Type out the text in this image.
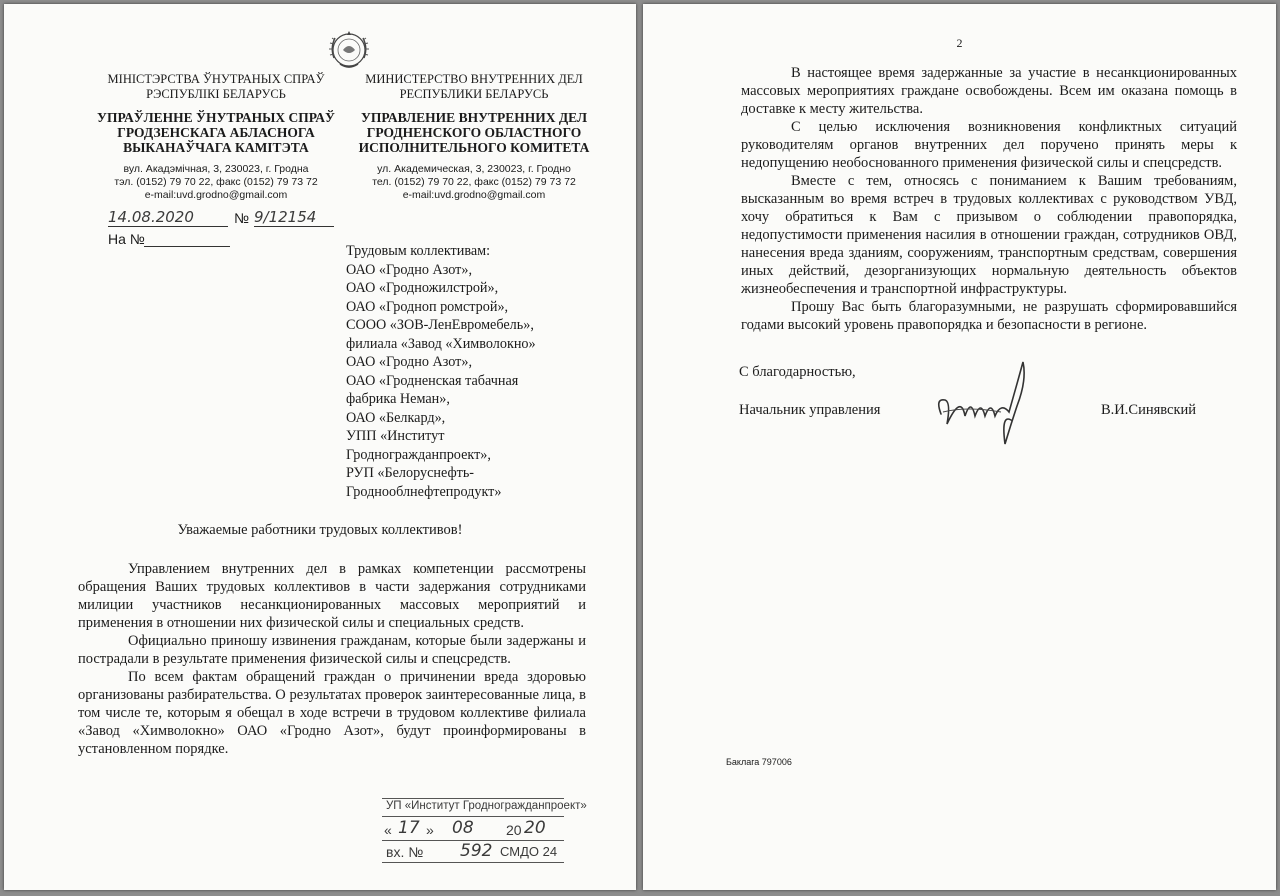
МІНІСТЭРСТВА ЎНУТРАНЫХ СПРАЎ
РЭСПУБЛІКІ БЕЛАРУСЬ
УПРАЎЛЕННЕ ЎНУТРАНЫХ СПРАЎ
ГРОДЗЕНСКАГА АБЛАСНОГА
ВЫКАНАЎЧАГА КАМІТЭТА
вул. Акадэмічная, 3, 230023, г. Гродна
тэл. (0152) 79 70 22, факс (0152) 79 73 72
e-mail:uvd.grodno@gmail.com
МИНИСТЕРСТВО ВНУТРЕННИХ ДЕЛ
РЕСПУБЛИКИ БЕЛАРУСЬ
УПРАВЛЕНИЕ ВНУТРЕННИХ ДЕЛ
ГРОДНЕНСКОГО ОБЛАСТНОГО
ИСПОЛНИТЕЛЬНОГО КОМИТЕТА
ул. Академическая, 3, 230023, г. Гродно
тел. (0152) 79 70 22, факс (0152) 79 73 72
e-mail:uvd.grodno@gmail.com
14.08.2020	№ 9/12154
На №
Трудовым коллективам:
ОАО «Гродно Азот»,
ОАО «Гродножилстрой»,
ОАО «Гродноп ромстрой»,
СООО «ЗОВ-ЛенЕвромебель»,
филиала «Завод «Химволокно»
ОАО «Гродно Азот»,
ОАО «Гродненская табачная
фабрика Неман»,
ОАО «Белкард»,
УПП «Институт
Гродногражданпроект»,
РУП «Белоруснефть-
Гродноoблнефтепродукт»
Уважаемые работники трудовых коллективов!

Управлением внутренних дел в рамках компетенции рассмотрены обращения Ваших трудовых коллективов в части задержания сотрудниками милиции участников несанкционированных массовых мероприятий и применения в отношении них физической силы и специальных средств.

Официально приношу извинения гражданам, которые были задержаны и пострадали в результате применения физической силы и спецсредств.

По всем фактам обращений граждан о причинении вреда здоровью организованы разбирательства. О результатах проверок заинтересованные лица, в том числе те, которым я обещал в ходе встречи в трудовом коллективе филиала «Завод «Химволокно» ОАО «Гродно Азот», будут проинформированы в установленном порядке.

УП «Институт Гродногражданпроект»
« 17 » 08 20 20
вх. № 592 СМДО 24
2

В настоящее время задержанные за участие в несанкционированных массовых мероприятиях граждане освобождены. Всем им оказана помощь в доставке к месту жительства.

С целью исключения возникновения конфликтных ситуаций руководителям органов внутренних дел поручено принять меры к недопущению необоснованного применения физической силы и спецсредств.

Вместе с тем, относясь с пониманием к Вашим требованиям, высказанным во время встреч в трудовых коллективах с руководством УВД, хочу обратиться к Вам с призывом о соблюдении правопорядка, недопустимости применения насилия в отношении граждан, сотрудников ОВД, нанесения вреда зданиям, сооружениям, транспортным средствам, совершения иных действий, дезорганизующих нормальную деятельность объектов жизнеобеспечения и транспортной инфраструктуры.

Прошу Вас быть благоразумными, не разрушать сформировавшийся годами высокий уровень правопорядка и безопасности в регионе.

С благодарностью,
Начальник управления	В.И.Синявский
Баклага 797006
